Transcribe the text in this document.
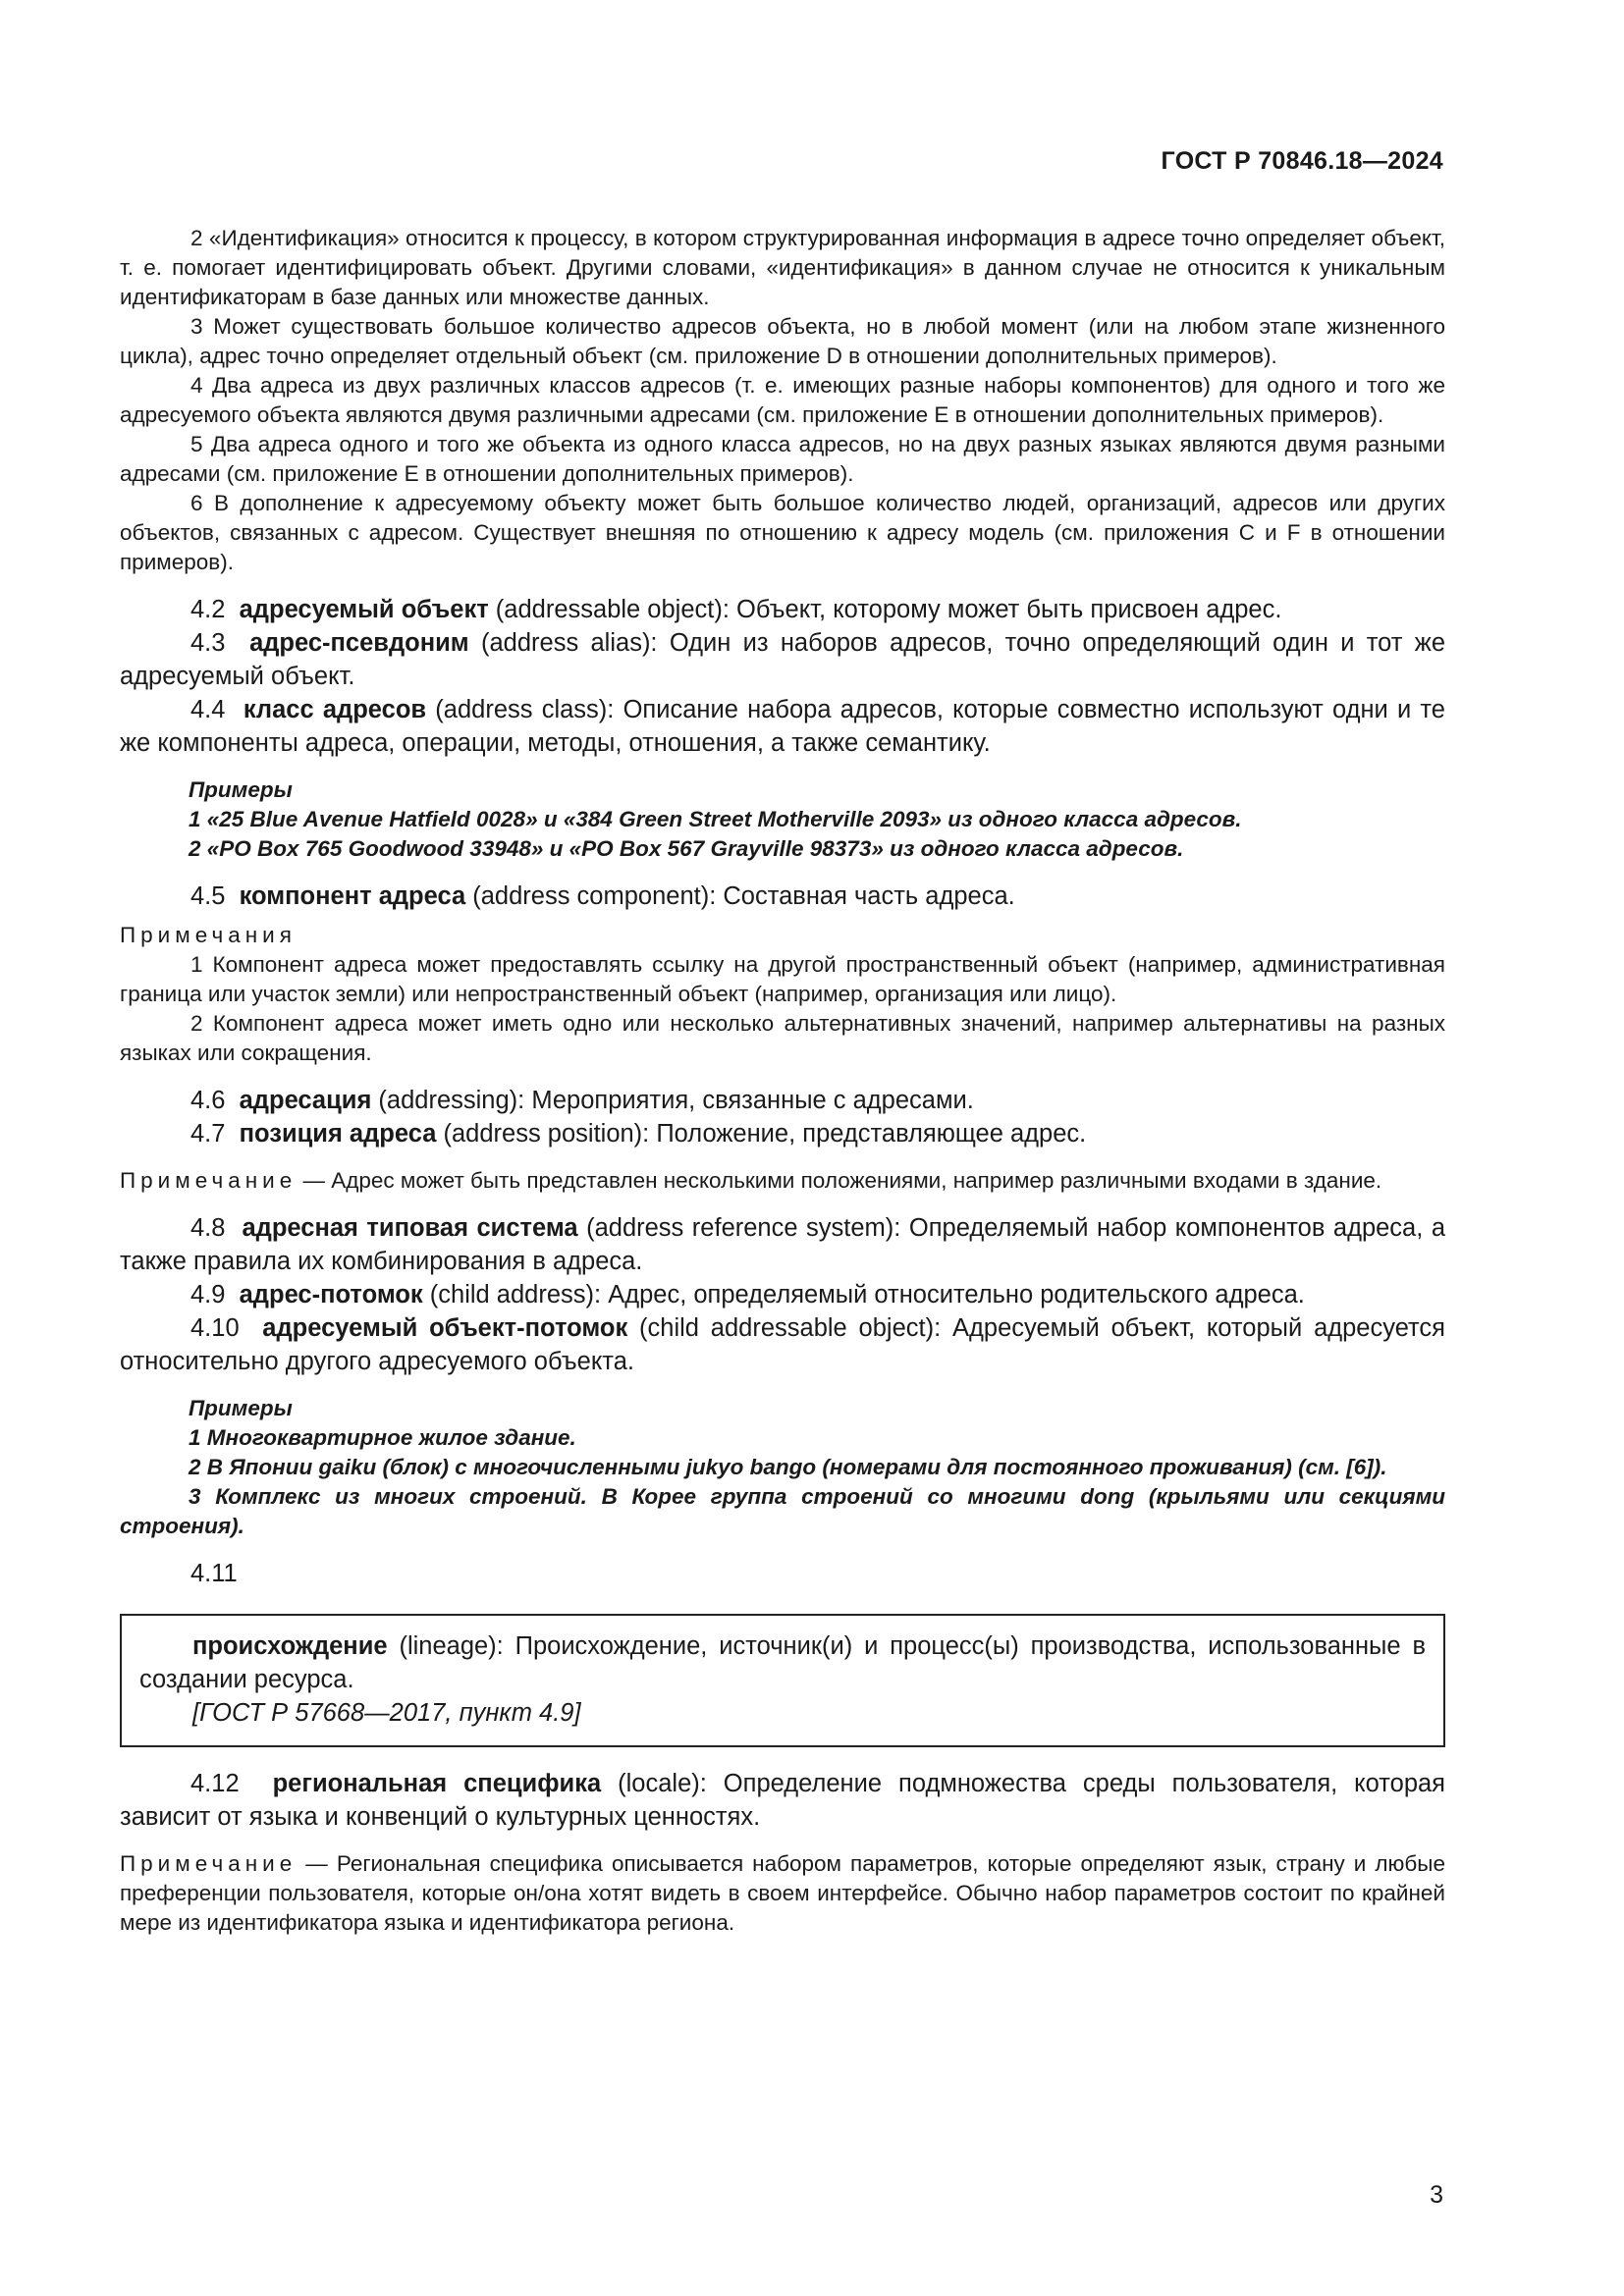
ГОСТ Р 70846.18—2024

2 «Идентификация» относится к процессу, в котором структурированная информация в адресе точно определяет объект, т. е. помогает идентифицировать объект. Другими словами, «идентификация» в данном случае не относится к уникальным идентификаторам в базе данных или множестве данных.

3 Может существовать большое количество адресов объекта, но в любой момент (или на любом этапе жизненного цикла), адрес точно определяет отдельный объект (см. приложение D в отношении дополнительных примеров).

4 Два адреса из двух различных классов адресов (т. е. имеющих разные наборы компонентов) для одного и того же адресуемого объекта являются двумя различными адресами (см. приложение Е в отношении дополнительных примеров).

5 Два адреса одного и того же объекта из одного класса адресов, но на двух разных языках являются двумя разными адресами (см. приложение Е в отношении дополнительных примеров).

6 В дополнение к адресуемому объекту может быть большое количество людей, организаций, адресов или других объектов, связанных с адресом. Существует внешняя по отношению к адресу модель (см. приложения С и F в отношении примеров).

4.2 адресуемый объект (addressable object): Объект, которому может быть присвоен адрес.

4.3 адрес-псевдоним (address alias): Один из наборов адресов, точно определяющий один и тот же адресуемый объект.

4.4 класс адресов (address class): Описание набора адресов, которые совместно используют одни и те же компоненты адреса, операции, методы, отношения, а также семантику.

Примеры

1 «25 Blue Avenue Hatfield 0028» и «384 Green Street Motherville 2093» из одного класса адресов.

2 «PO Box 765 Goodwood 33948» и «PO Box 567 Grayville 98373» из одного класса адресов.

4.5 компонент адреса (address component): Составная часть адреса.

Примечания

1 Компонент адреса может предоставлять ссылку на другой пространственный объект (например, административная граница или участок земли) или непространственный объект (например, организация или лицо).

2 Компонент адреса может иметь одно или несколько альтернативных значений, например альтернативы на разных языках или сокращения.

4.6 адресация (addressing): Мероприятия, связанные с адресами.

4.7 позиция адреса (address position): Положение, представляющее адрес.

Примечание — Адрес может быть представлен несколькими положениями, например различными входами в здание.

4.8 адресная типовая система (address reference system): Определяемый набор компонентов адреса, а также правила их комбинирования в адреса.

4.9 адрес-потомок (child address): Адрес, определяемый относительно родительского адреса.

4.10 адресуемый объект-потомок (child addressable object): Адресуемый объект, который адресуется относительно другого адресуемого объекта.

Примеры

1 Многоквартирное жилое здание.

2 В Японии gaiku (блок) с многочисленными jukyo bango (номерами для постоянного проживания) (см. [6]).

3 Комплекс из многих строений. В Корее группа строений со многими dong (крыльями или секциями строения).

4.11

происхождение (lineage): Происхождение, источник(и) и процесс(ы) производства, использованные в создании ресурса.

[ГОСТ Р 57668—2017, пункт 4.9]

4.12 региональная специфика (locale): Определение подмножества среды пользователя, которая зависит от языка и конвенций о культурных ценностях.

Примечание — Региональная специфика описывается набором параметров, которые определяют язык, страну и любые преференции пользователя, которые он/она хотят видеть в своем интерфейсе. Обычно набор параметров состоит по крайней мере из идентификатора языка и идентификатора региона.

3
